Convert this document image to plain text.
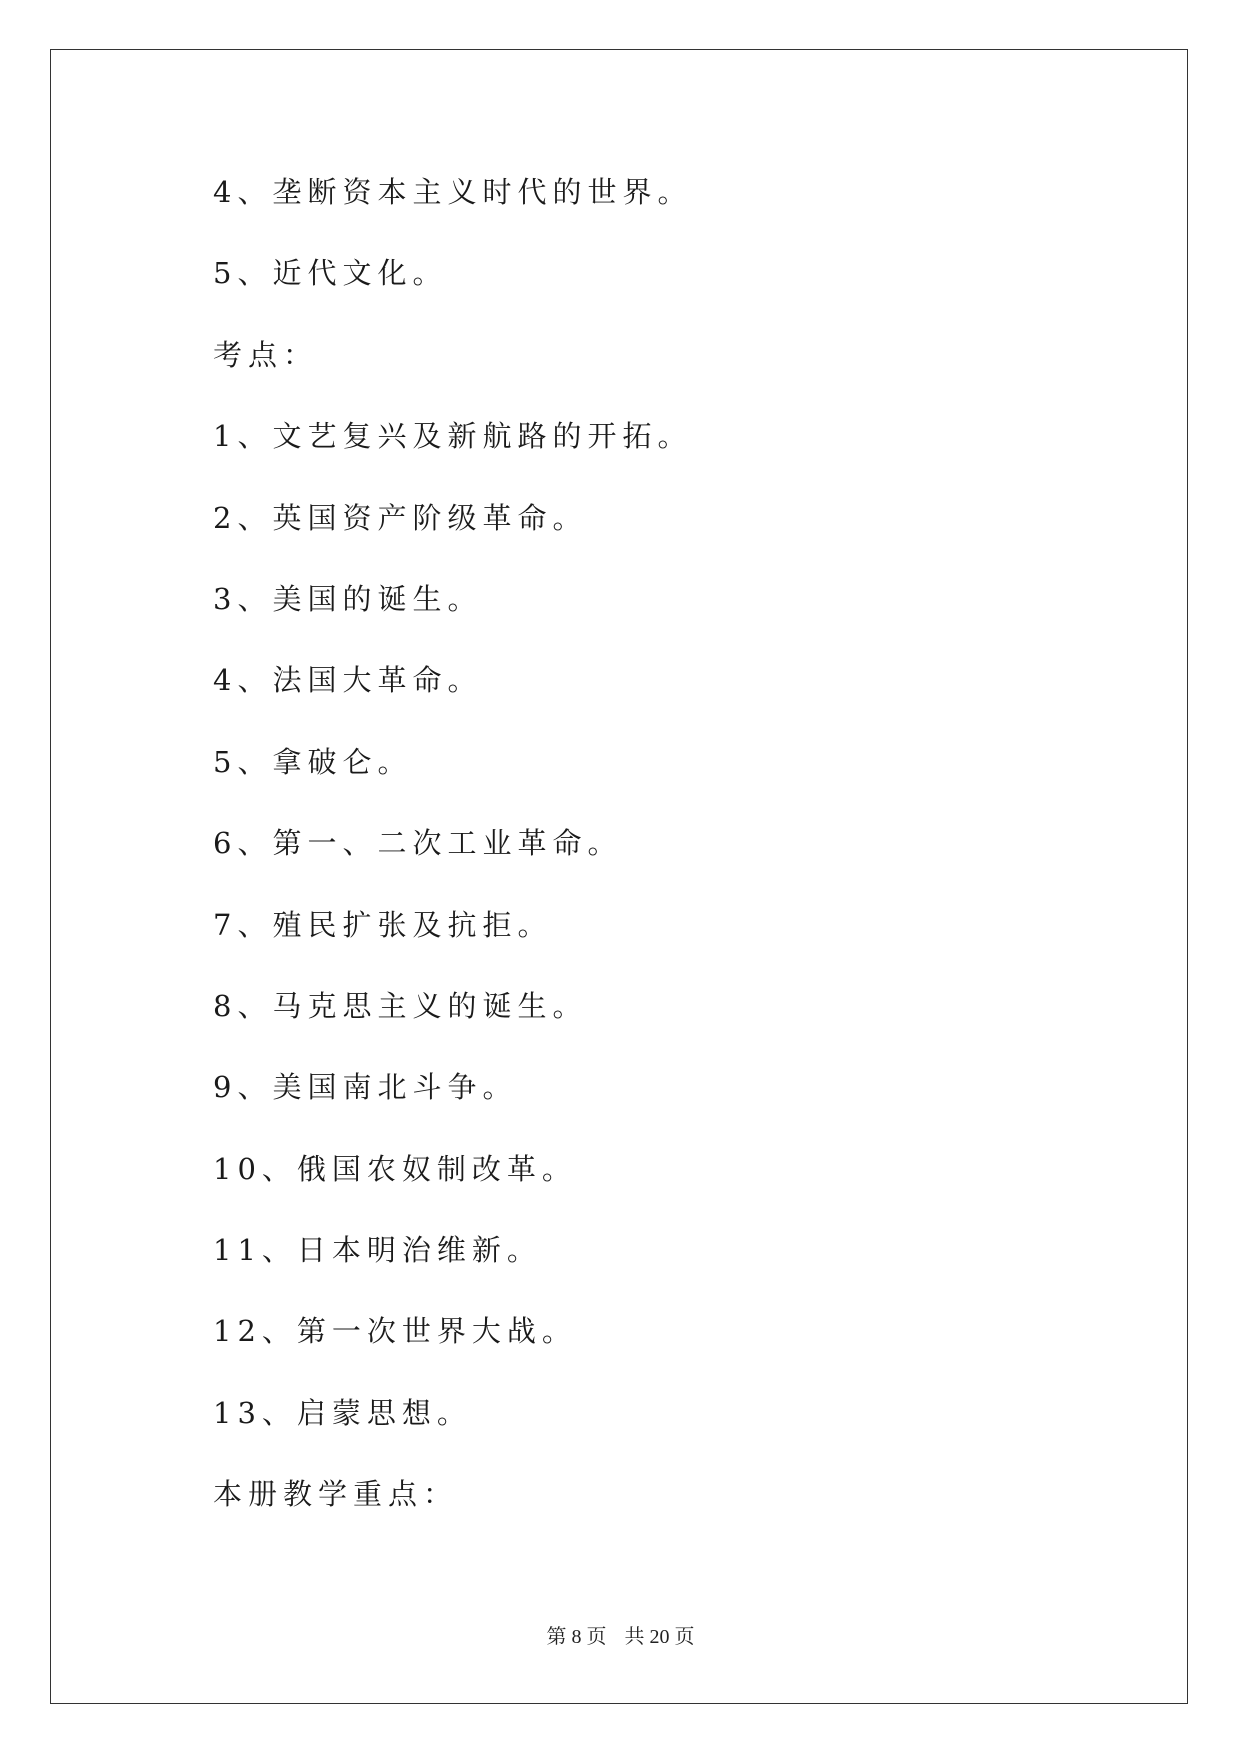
4、垄断资本主义时代的世界。
5、近代文化。
考点：
1、文艺复兴及新航路的开拓。
2、英国资产阶级革命。
3、美国的诞生。
4、法国大革命。
5、拿破仑。
6、第一、二次工业革命。
7、殖民扩张及抗拒。
8、马克思主义的诞生。
9、美国南北斗争。
10、俄国农奴制改革。
11、日本明治维新。
12、第一次世界大战。
13、启蒙思想。
本册教学重点：
第 8 页 共 20 页
